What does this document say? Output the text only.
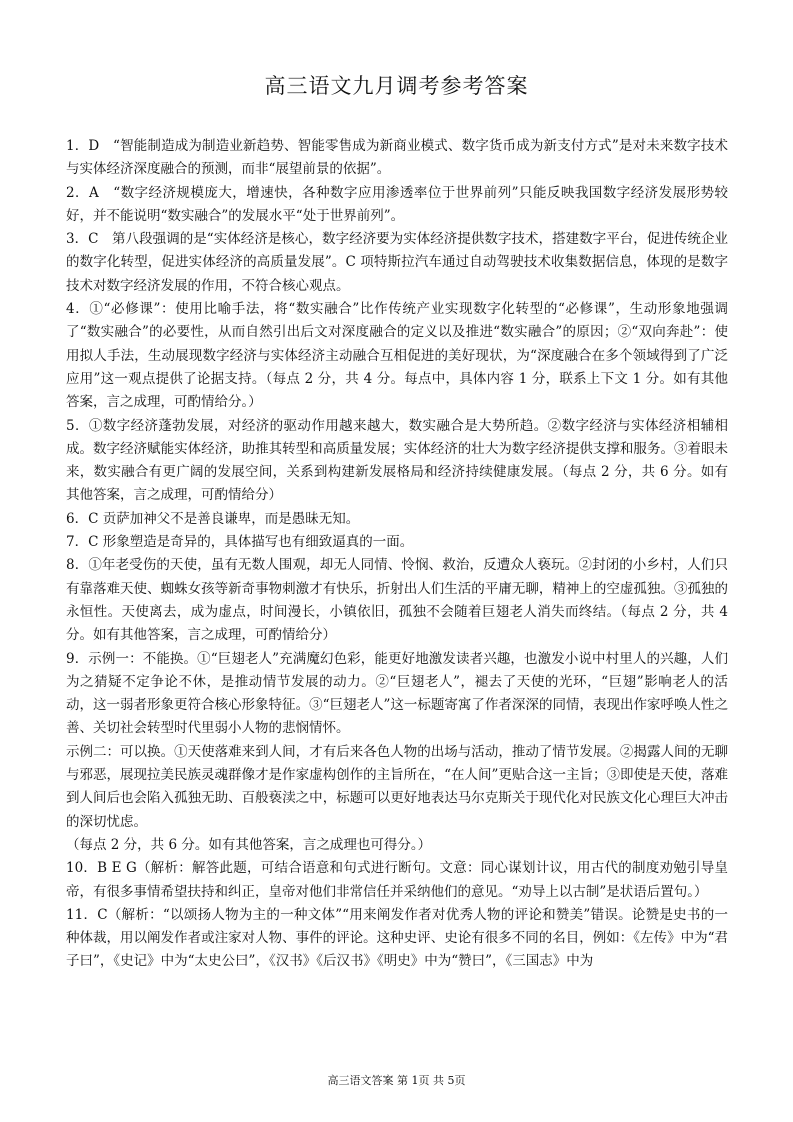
高三语文九月调考参考答案

1．D　“智能制造成为制造业新趋势、智能零售成为新商业模式、数字货币成为新支付方式”是对未来数字技术与实体经济深度融合的预测，而非“展望前景的依据”。

2．A　“数字经济规模庞大，增速快，各种数字应用渗透率位于世界前列”只能反映我国数字经济发展形势较好，并不能说明“数实融合”的发展水平“处于世界前列”。

3．C　第八段强调的是“实体经济是核心，数字经济要为实体经济提供数字技术，搭建数字平台，促进传统企业的数字化转型，促进实体经济的高质量发展”。C 项特斯拉汽车通过自动驾驶技术收集数据信息，体现的是数字技术对数字经济发展的作用，不符合核心观点。

4．①“必修课”：使用比喻手法，将“数实融合”比作传统产业实现数字化转型的“必修课”，生动形象地强调了“数实融合”的必要性，从而自然引出后文对深度融合的定义以及推进“数实融合”的原因；②“双向奔赴”：使用拟人手法，生动展现数字经济与实体经济主动融合互相促进的美好现状，为“深度融合在多个领域得到了广泛应用”这一观点提供了论据支持。（每点 2 分，共 4 分。每点中，具体内容 1 分，联系上下文 1 分。如有其他答案，言之成理，可酌情给分。）

5．①数字经济蓬勃发展，对经济的驱动作用越来越大，数实融合是大势所趋。②数字经济与实体经济相辅相成。数字经济赋能实体经济，助推其转型和高质量发展；实体经济的壮大为数字经济提供支撑和服务。③着眼未来，数实融合有更广阔的发展空间，关系到构建新发展格局和经济持续健康发展。（每点 2 分，共 6 分。如有其他答案，言之成理，可酌情给分）

6．C 贡萨加神父不是善良谦卑，而是愚昧无知。

7．C 形象塑造是奇异的，具体描写也有细致逼真的一面。

8．①年老受伤的天使，虽有无数人围观，却无人同情、怜悯、救治，反遭众人亵玩。②封闭的小乡村，人们只有靠落难天使、蜘蛛女孩等新奇事物刺激才有快乐，折射出人们生活的平庸无聊，精神上的空虚孤独。③孤独的永恒性。天使离去，成为虚点，时间漫长，小镇依旧，孤独不会随着巨翅老人消失而终结。（每点 2 分，共 4 分。如有其他答案，言之成理，可酌情给分）

9．示例一：不能换。①“巨翅老人”充满魔幻色彩，能更好地激发读者兴趣，也激发小说中村里人的兴趣，人们为之猜疑不定争论不休，是推动情节发展的动力。②“巨翅老人”，褪去了天使的光环，“巨翅”影响老人的活动，这一弱者形象更符合核心形象特征。③“巨翅老人”这一标题寄寓了作者深深的同情，表现出作家呼唤人性之善、关切社会转型时代里弱小人物的悲悯情怀。

示例二：可以换。①天使落难来到人间，才有后来各色人物的出场与活动，推动了情节发展。②揭露人间的无聊与邪恶，展现拉美民族灵魂群像才是作家虚构创作的主旨所在，“在人间”更贴合这一主旨；③即使是天使，落难到人间后也会陷入孤独无助、百般亵渎之中，标题可以更好地表达马尔克斯关于现代化对民族文化心理巨大冲击的深切忧虑。

（每点 2 分，共 6 分。如有其他答案，言之成理也可得分。）

10．B E G（解析：解答此题，可结合语意和句式进行断句。文意：同心谋划计议，用古代的制度劝勉引导皇帝，有很多事情希望扶持和纠正，皇帝对他们非常信任并采纳他们的意见。“劝导上以古制”是状语后置句。）

11．C（解析：“以颂扬人物为主的一种文体”“用来阐发作者对优秀人物的评论和赞美”错误。论赞是史书的一种体裁，用以阐发作者或注家对人物、事件的评论。这种史评、史论有很多不同的名目，例如：《左传》中为“君子曰”，《史记》中为“太史公曰”，《汉书》《后汉书》《明史》中为“赞曰”，《三国志》中为

高三语文答案 第 1页 共 5页
